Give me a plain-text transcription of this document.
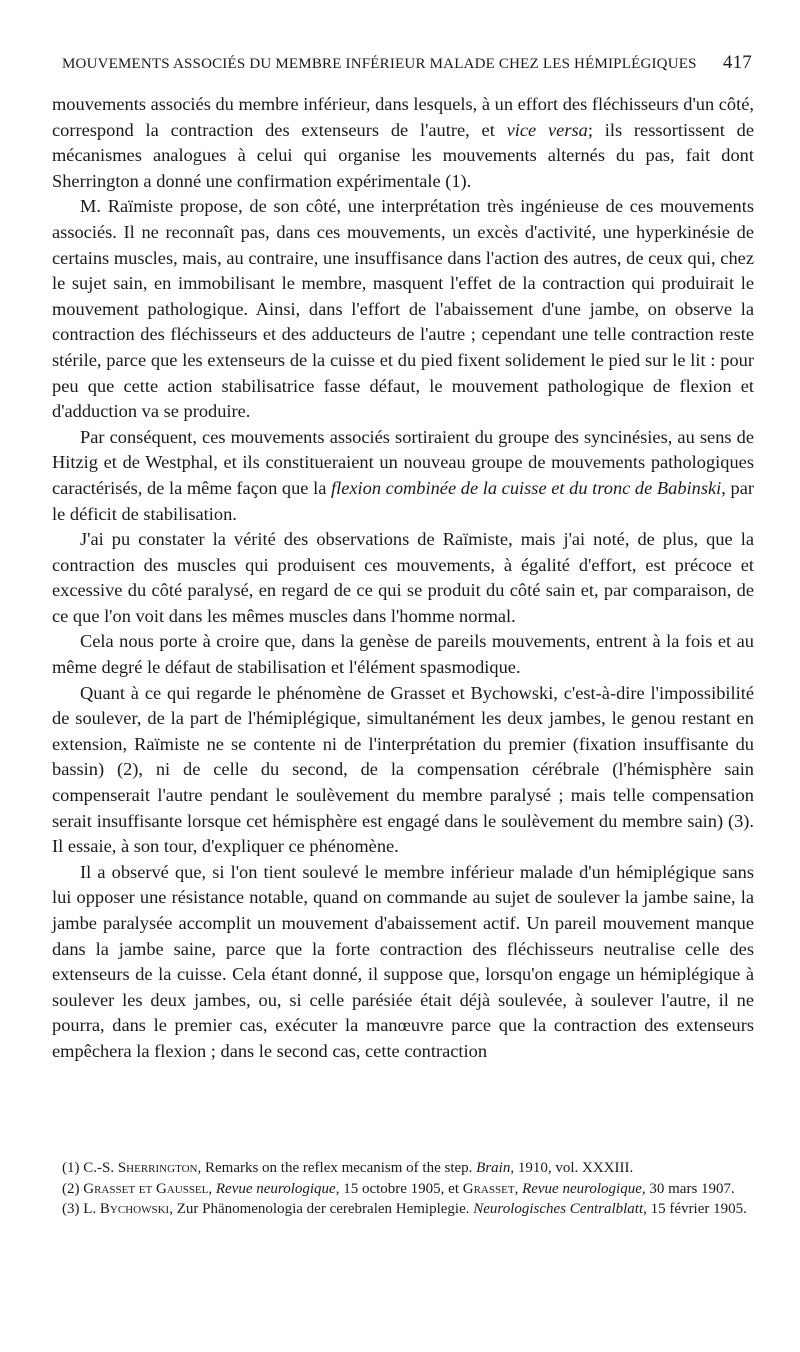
MOUVEMENTS ASSOCIÉS DU MEMBRE INFÉRIEUR MALADE CHEZ LES HÉMIPLÉGIQUES 417

mouvements associés du membre inférieur, dans lesquels, à un effort des fléchisseurs d'un côté, correspond la contraction des extenseurs de l'autre, et vice versa; ils ressortissent de mécanismes analogues à celui qui organise les mouvements alternés du pas, fait dont Sherrington a donné une confirmation expérimentale (1).

M. Raïmiste propose, de son côté, une interprétation très ingénieuse de ces mouvements associés. Il ne reconnaît pas, dans ces mouvements, un excès d'activité, une hyperkinésie de certains muscles, mais, au contraire, une insuffisance dans l'action des autres, de ceux qui, chez le sujet sain, en immobilisant le membre, masquent l'effet de la contraction qui produirait le mouvement pathologique. Ainsi, dans l'effort de l'abaissement d'une jambe, on observe la contraction des fléchisseurs et des adducteurs de l'autre ; cependant une telle contraction reste stérile, parce que les extenseurs de la cuisse et du pied fixent solidement le pied sur le lit : pour peu que cette action stabilisatrice fasse défaut, le mouvement pathologique de flexion et d'adduction va se produire.

Par conséquent, ces mouvements associés sortiraient du groupe des syncinésies, au sens de Hitzig et de Westphal, et ils constitueraient un nouveau groupe de mouvements pathologiques caractérisés, de la même façon que la flexion combinée de la cuisse et du tronc de Babinski, par le déficit de stabilisation.

J'ai pu constater la vérité des observations de Raïmiste, mais j'ai noté, de plus, que la contraction des muscles qui produisent ces mouvements, à égalité d'effort, est précoce et excessive du côté paralysé, en regard de ce qui se produit du côté sain et, par comparaison, de ce que l'on voit dans les mêmes muscles dans l'homme normal.

Cela nous porte à croire que, dans la genèse de pareils mouvements, entrent à la fois et au même degré le défaut de stabilisation et l'élément spasmodique.

Quant à ce qui regarde le phénomène de Grasset et Bychowski, c'est-à-dire l'impossibilité de soulever, de la part de l'hémiplégique, simultanément les deux jambes, le genou restant en extension, Raïmiste ne se contente ni de l'interprétation du premier (fixation insuffisante du bassin) (2), ni de celle du second, de la compensation cérébrale (l'hémisphère sain compenserait l'autre pendant le soulèvement du membre paralysé ; mais telle compensation serait insuffisante lorsque cet hémisphère est engagé dans le soulèvement du membre sain) (3). Il essaie, à son tour, d'expliquer ce phénomène.

Il a observé que, si l'on tient soulevé le membre inférieur malade d'un hémiplégique sans lui opposer une résistance notable, quand on commande au sujet de soulever la jambe saine, la jambe paralysée accomplit un mouvement d'abaissement actif. Un pareil mouvement manque dans la jambe saine, parce que la forte contraction des fléchisseurs neutralise celle des extenseurs de la cuisse. Cela étant donné, il suppose que, lorsqu'on engage un hémiplégique à soulever les deux jambes, ou, si celle parésiée était déjà soulevée, à soulever l'autre, il ne pourra, dans le premier cas, exécuter la manœuvre parce que la contraction des extenseurs empêchera la flexion ; dans le second cas, cette contraction

(1) C.-S. Sherrington, Remarks on the reflex mecanism of the step. Brain, 1910, vol. XXXIII.

(2) Grasset et Gaussel, Revue neurologique, 15 octobre 1905, et Grasset, Revue neurologique, 30 mars 1907.

(3) L. Bychowski, Zur Phänomenologia der cerebralen Hemiplegie. Neurologisches Centralblatt, 15 février 1905.
